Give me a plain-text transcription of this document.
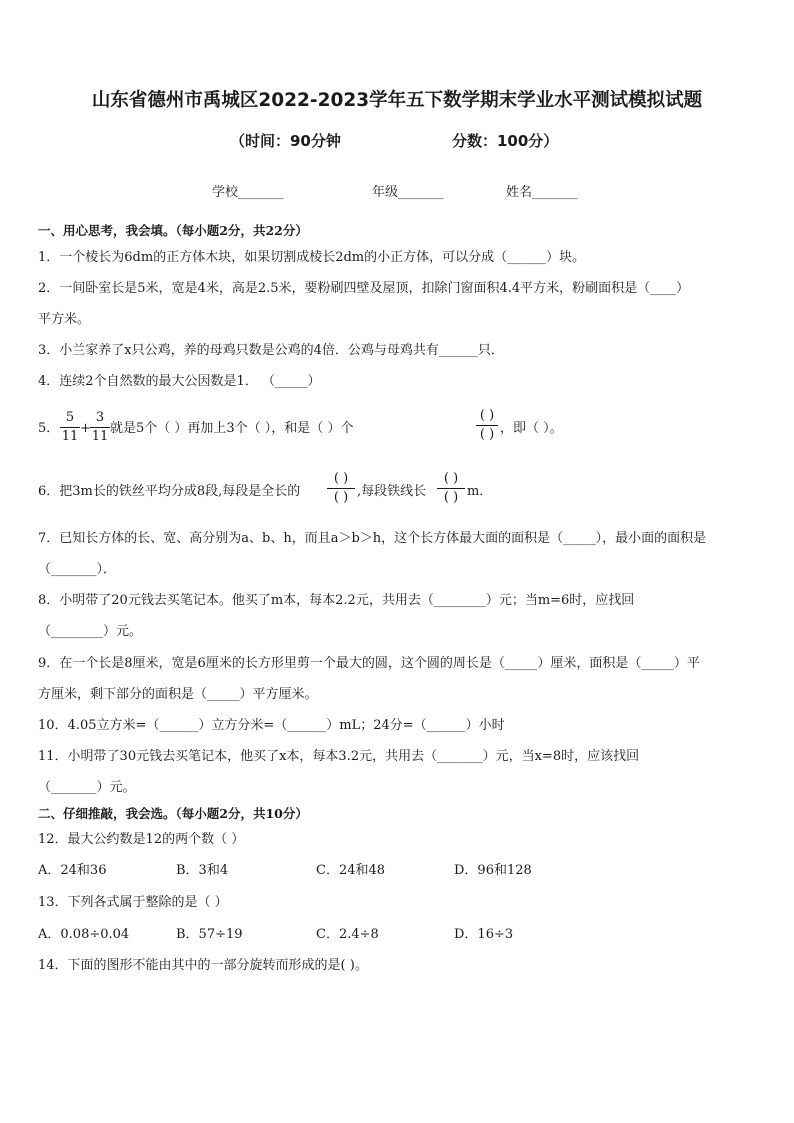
山东省德州市禹城区2022-2023学年五下数学期末学业水平测试模拟试题
（时间：90分钟	分数：100分）
学校_______	年级_______	姓名_______
一、用心思考，我会填。（每小题2分，共22分）
1．一个棱长为6dm的正方体木块，如果切割成棱长2dm的小正方体，可以分成（______）块。
2．一间卧室长是5米，宽是4米，高是2.5米，要粉刷四壁及屋顶，扣除门窗面积4.4平方米，粉刷面积是（____）
平方米。
3．小兰家养了x只公鸡，养的母鸡只数是公鸡的4倍．公鸡与母鸡共有______只．
4．连续2个自然数的最大公因数是1． （_____）
5．
5
11
+
3
11
就是5个（ ）再加上3个（ ），和是（ ）个
( )
( ) ，即（ ）。
6．把3m长的铁丝平均分成8段,每段是全长的
( )
( ) ,每段铁线长
( )
( ) m．
7．已知长方体的长、宽、高分别为a、b、h，而且a＞b＞h，这个长方体最大面的面积是（_____），最小面的面积是
（_______）．
8．小明带了20元钱去买笔记本。他买了m本，每本2.2元，共用去（________）元；当m=6时，应找回
（________）元。
9．在一个长是8厘米，宽是6厘米的长方形里剪一个最大的圆，这个圆的周长是（_____）厘米，面积是（_____）平
方厘米，剩下部分的面积是（_____）平方厘米。
10．4.05立方米=（______）立方分米=（______）mL；24分=（______）小时
11．小明带了30元钱去买笔记本，他买了x本，每本3.2元，共用去（_______）元，当x=8时，应该找回
（_______）元。
二、仔细推敲，我会选。（每小题2分，共10分）
12．最大公约数是12的两个数（ ）
A．24和36	B．3和4	C．24和48	D．96和128
13．下列各式属于整除的是（ ）
A．0.08÷0.04	B．57÷19	C．2.4÷8	D．16÷3
14．下面的图形不能由其中的一部分旋转而形成的是( )。
